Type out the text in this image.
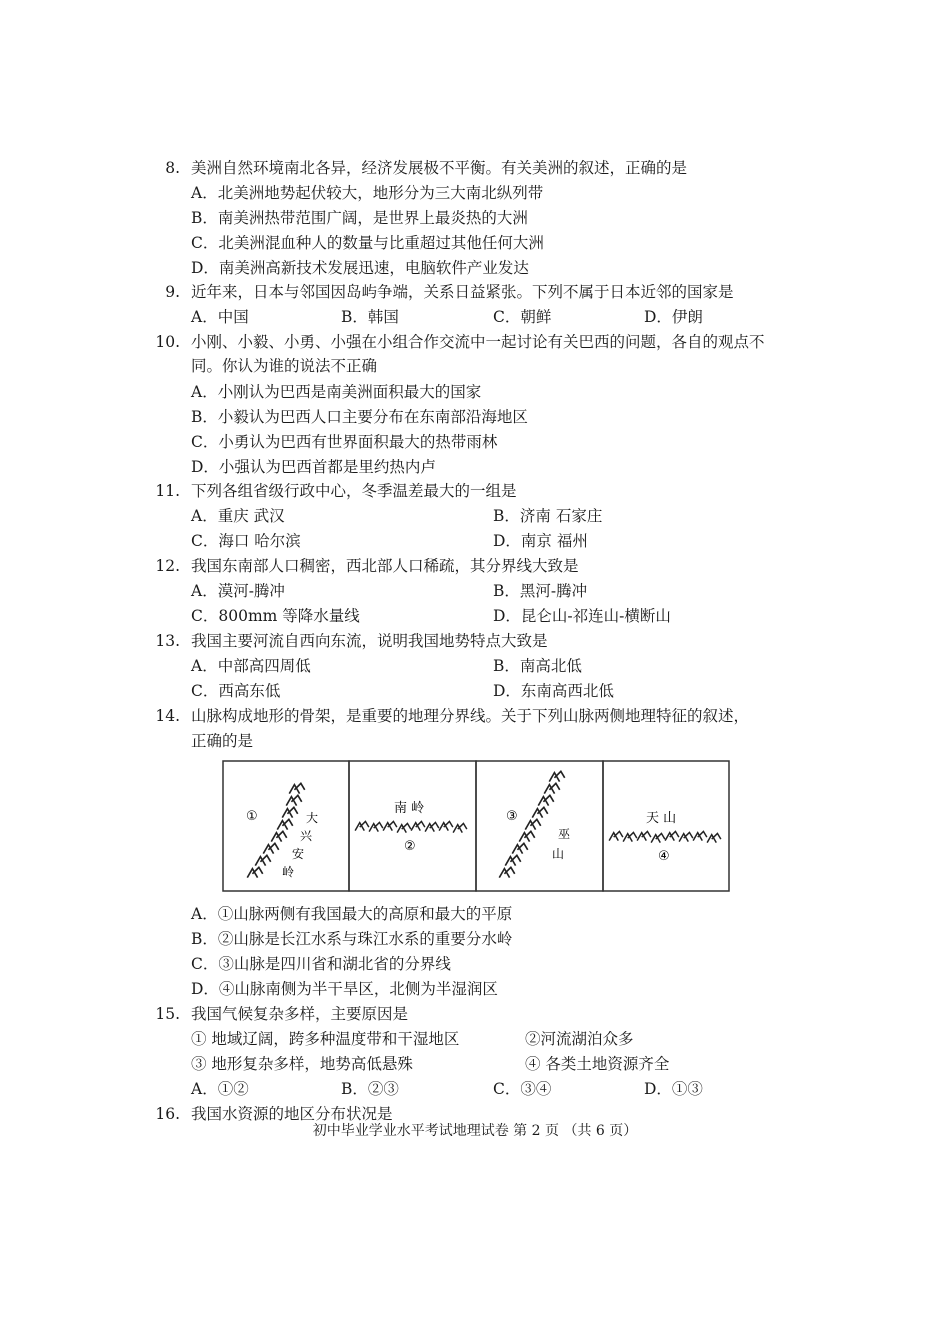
8. 美洲自然环境南北各异，经济发展极不平衡。有关美洲的叙述，正确的是
A．北美洲地势起伏较大，地形分为三大南北纵列带
B．南美洲热带范围广阔，是世界上最炎热的大洲
C．北美洲混血种人的数量与比重超过其他任何大洲
D．南美洲高新技术发展迅速，电脑软件产业发达
9. 近年来，日本与邻国因岛屿争端，关系日益紧张。下列不属于日本近邻的国家是
A．中国	B．韩国	C．朝鲜	D．伊朗
10. 小刚、小毅、小勇、小强在小组合作交流中一起讨论有关巴西的问题，各自的观点不
同。你认为谁的说法不正确
A．小刚认为巴西是南美洲面积最大的国家
B．小毅认为巴西人口主要分布在东南部沿海地区
C．小勇认为巴西有世界面积最大的热带雨林
D．小强认为巴西首都是里约热内卢
11. 下列各组省级行政中心，冬季温差最大的一组是
A．重庆 武汉	B．济南 石家庄
C．海口 哈尔滨	D．南京 福州
12. 我国东南部人口稠密，西北部人口稀疏，其分界线大致是
A．漠河-腾冲	B．黑河-腾冲
C．800mm 等降水量线	D．昆仑山-祁连山-横断山
13. 我国主要河流自西向东流，说明我国地势特点大致是
A．中部高四周低	B．南高北低
C．西高东低	D．东南高西北低
14. 山脉构成地形的骨架，是重要的地理分界线。关于下列山脉两侧地理特征的叙述，
正确的是
①	大
兴
安
岭
南 岭
②
③
巫
山
天 山
④
A．①山脉两侧有我国最大的高原和最大的平原
B．②山脉是长江水系与珠江水系的重要分水岭
C．③山脉是四川省和湖北省的分界线
D．④山脉南侧为半干旱区，北侧为半湿润区
15. 我国气候复杂多样，主要原因是
① 地域辽阔，跨多种温度带和干湿地区	②河流湖泊众多
③ 地形复杂多样，地势高低悬殊	④ 各类土地资源齐全
A．①②	B．②③	C．③④	D．①③
16. 我国水资源的地区分布状况是
初中毕业学业水平考试地理试卷 第 2 页 （共 6 页）
